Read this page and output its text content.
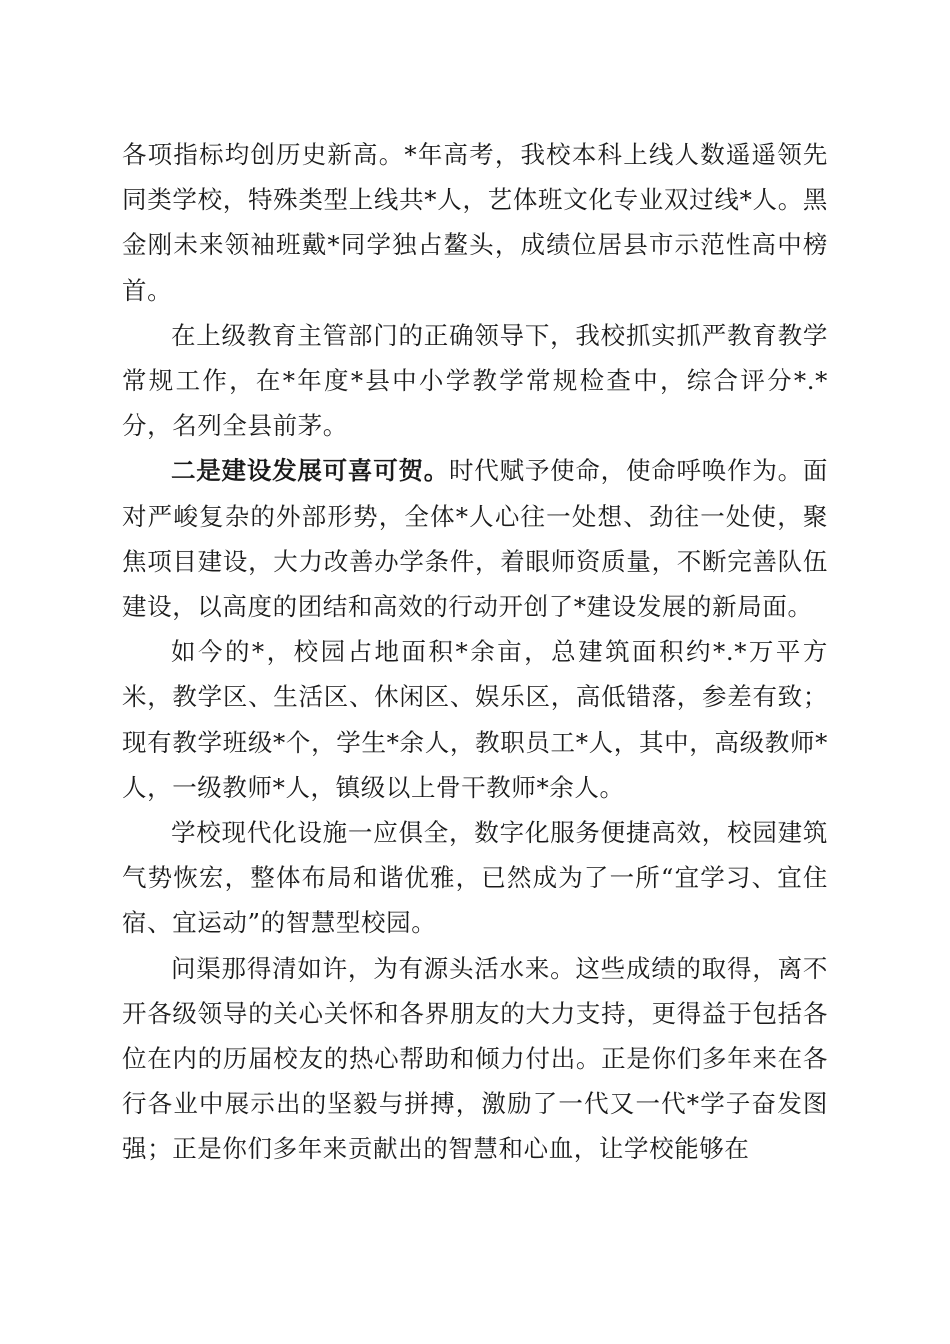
各项指标均创历史新高。*年高考，我校本科上线人数遥遥领先同类学校，特殊类型上线共*人，艺体班文化专业双过线*人。黑金刚未来领袖班戴*同学独占鳌头，成绩位居县市示范性高中榜首。

在上级教育主管部门的正确领导下，我校抓实抓严教育教学常规工作，在*年度*县中小学教学常规检查中，综合评分*.*分，名列全县前茅。

二是建设发展可喜可贺。时代赋予使命，使命呼唤作为。面对严峻复杂的外部形势，全体*人心往一处想、劲往一处使，聚焦项目建设，大力改善办学条件，着眼师资质量，不断完善队伍建设，以高度的团结和高效的行动开创了*建设发展的新局面。

如今的*，校园占地面积*余亩，总建筑面积约*.*万平方米，教学区、生活区、休闲区、娱乐区，高低错落，参差有致；现有教学班级*个，学生*余人，教职员工*人，其中，高级教师*人，一级教师*人，镇级以上骨干教师*余人。

学校现代化设施一应俱全，数字化服务便捷高效，校园建筑气势恢宏，整体布局和谐优雅，已然成为了一所“宜学习、宜住宿、宜运动”的智慧型校园。

问渠那得清如许，为有源头活水来。这些成绩的取得，离不开各级领导的关心关怀和各界朋友的大力支持，更得益于包括各位在内的历届校友的热心帮助和倾力付出。正是你们多年来在各行各业中展示出的坚毅与拼搏，激励了一代又一代*学子奋发图强；正是你们多年来贡献出的智慧和心血，让学校能够在
